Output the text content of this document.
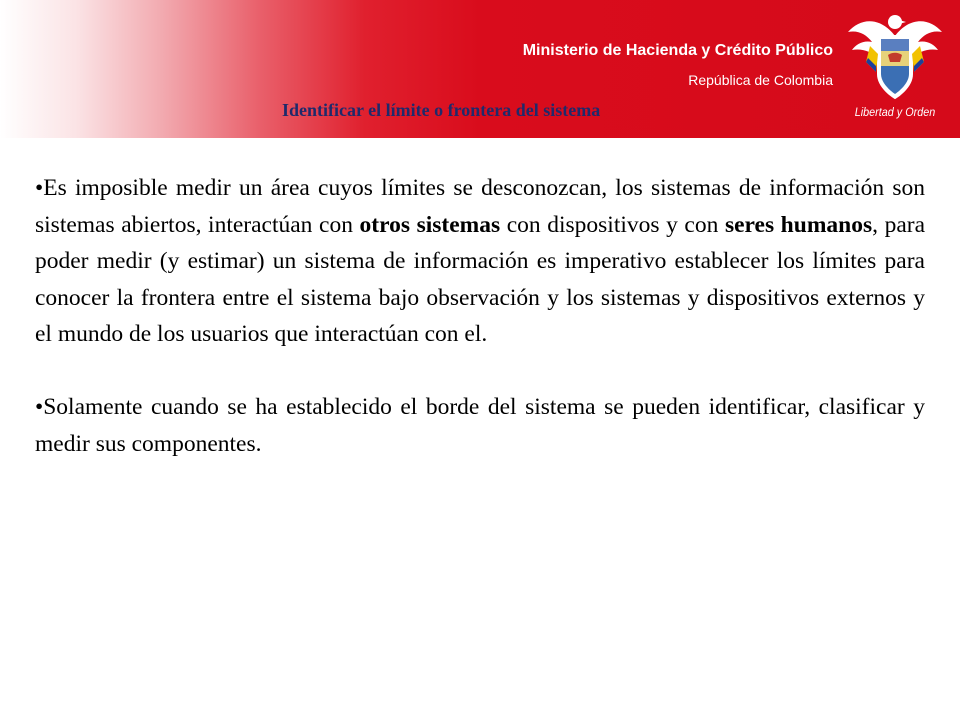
Ministerio de Hacienda y Crédito Público
República de Colombia
Identificar el límite o frontera del sistema	Libertad y Orden

•Es imposible medir un área cuyos límites se desconozcan, los sistemas de información son sistemas abiertos, interactúan con otros sistemas con dispositivos y con seres humanos, para poder medir (y estimar) un sistema de información es imperativo establecer los límites para conocer la frontera entre el sistema bajo observación y los sistemas y dispositivos externos y el mundo de los usuarios que interactúan con el.

•Solamente cuando se ha establecido el borde del sistema se pueden identificar, clasificar y medir sus componentes.
